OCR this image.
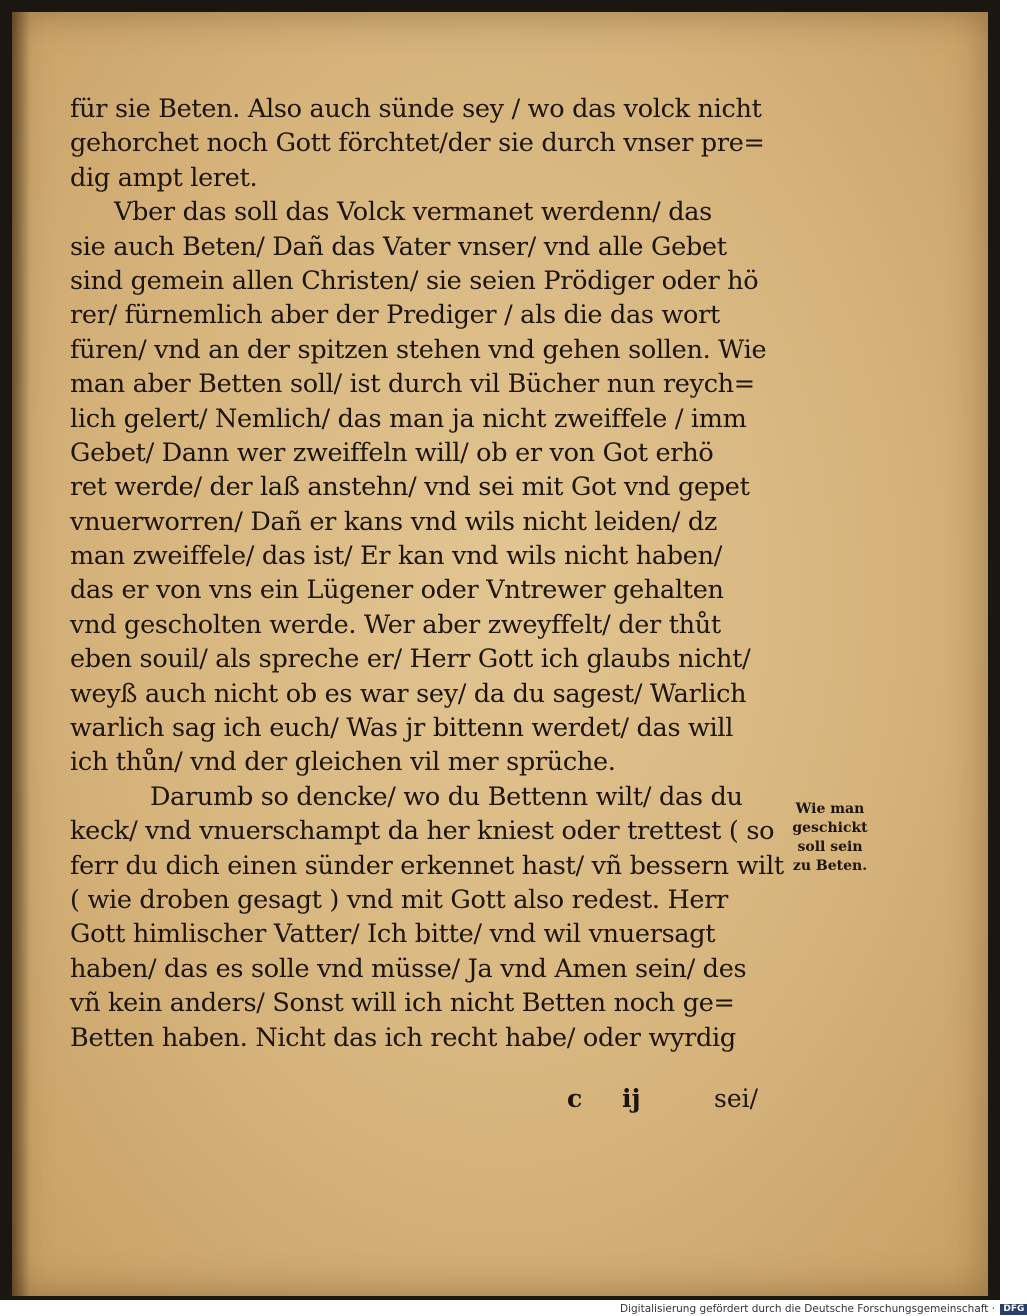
für sie Beten. Also auch sünde sey / wo das volck nicht
gehorchet noch Gott förchtet/der sie durch vnser pre=
dig ampt leret.
Vber das soll das Volck vermanet werdenn/ das
sie auch Beten/ Dañ das Vater vnser/ vnd alle Gebet
sind gemein allen Christen/ sie seien Prödiger oder hö
rer/ fürnemlich aber der Prediger / als die das wort
füren/ vnd an der spitzen stehen vnd gehen sollen. Wie
man aber Betten soll/ ist durch vil Bücher nun reych=
lich gelert/ Nemlich/ das man ja nicht zweiffele / imm
Gebet/ Dann wer zweiffeln will/ ob er von Got erhö
ret werde/ der laß anstehn/ vnd sei mit Got vnd gepet
vnuerworren/ Dañ er kans vnd wils nicht leiden/ dz
man zweiffele/ das ist/ Er kan vnd wils nicht haben/
das er von vns ein Lügener oder Vntrewer gehalten
vnd gescholten werde. Wer aber zweyffelt/ der thůt
eben souil/ als spreche er/ Herr Gott ich glaubs nicht/
weyß auch nicht ob es war sey/ da du sagest/ Warlich
warlich sag ich euch/ Was jr bittenn werdet/ das will
ich thůn/ vnd der gleichen vil mer sprüche.
Darumb so dencke/ wo du Bettenn wilt/ das du
keck/ vnd vnuerschampt da her kniest oder trettest ( so
ferr du dich einen sünder erkennet hast/ vñ bessern wilt
( wie droben gesagt ) vnd mit Gott also redest. Herr
Gott himlischer Vatter/ Ich bitte/ vnd wil vnuersagt
haben/ das es solle vnd müsse/ Ja vnd Amen sein/ des
vñ kein anders/ Sonst will ich nicht Betten noch ge=
Betten haben. Nicht das ich recht habe/ oder wyrdig
Wie man
geschickt
soll sein
zu Beten.
c ij	sei/
Digitalisierung gefördert durch die Deutsche Forschungsgemeinschaft · DFG
